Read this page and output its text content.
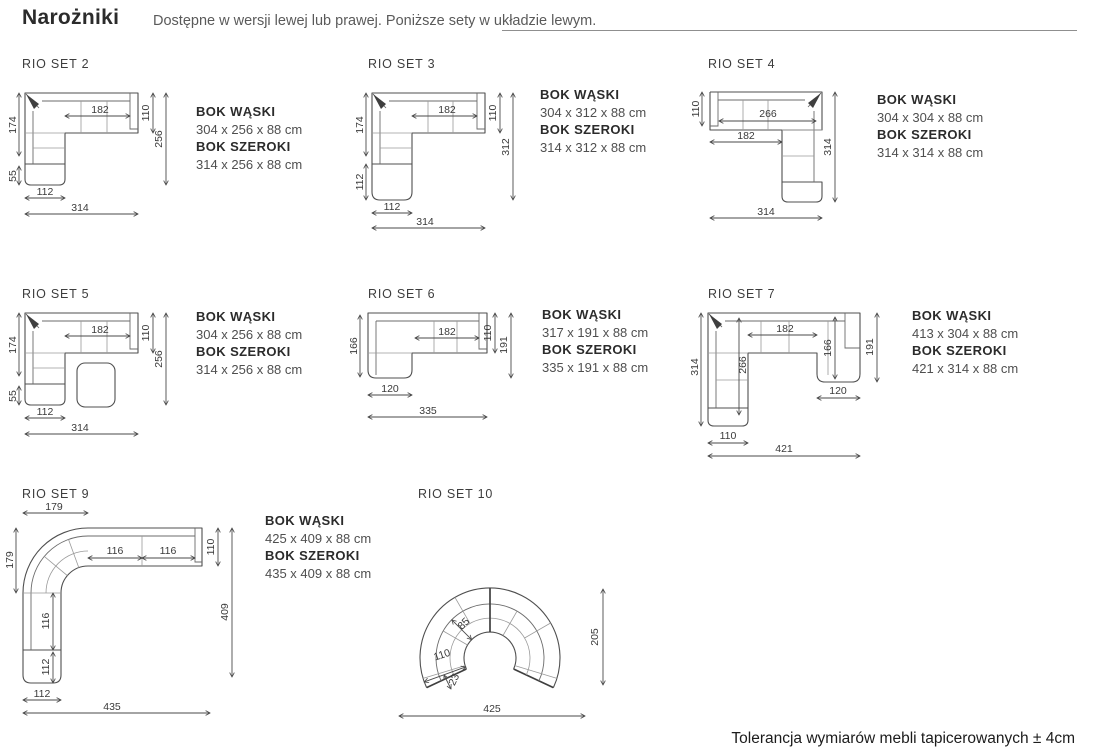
Narożniki Dostępne w wersji lewej lub prawej. Poniższe sety w układzie lewym.
RIO SET 2	RIO SET 3	RIO SET 4
RIO SET 5	RIO SET 6	RIO SET 7
RIO SET 9	RIO SET 10
174
55
112
314
182	110
256
174
112
182	110
312
112
314
110	266
182
314
314
174
55
112
314
182	110
256
166
182 110
191
120
335
314	266
182
166	191
120
110
421
179
179
116	116	110
409
116
112
112
435
85
110
23
205
425
BOK WĄSKI
304 x 256 x 88 cm
BOK SZEROKI
314 x 256 x 88 cm
BOK WĄSKI
304 x 312 x 88 cm
BOK SZEROKI
314 x 312 x 88 cm
BOK WĄSKI
304 x 304 x 88 cm
BOK SZEROKI
314 x 314 x 88 cm
BOK WĄSKI
304 x 256 x 88 cm
BOK SZEROKI
314 x 256 x 88 cm
BOK WĄSKI
317 x 191 x 88 cm
BOK SZEROKI
335 x 191 x 88 cm
BOK WĄSKI
413 x 304 x 88 cm
BOK SZEROKI
421 x 314 x 88 cm
BOK WĄSKI
425 x 409 x 88 cm
BOK SZEROKI
435 x 409 x 88 cm
Tolerancja wymiarów mebli tapicerowanych ± 4cm
